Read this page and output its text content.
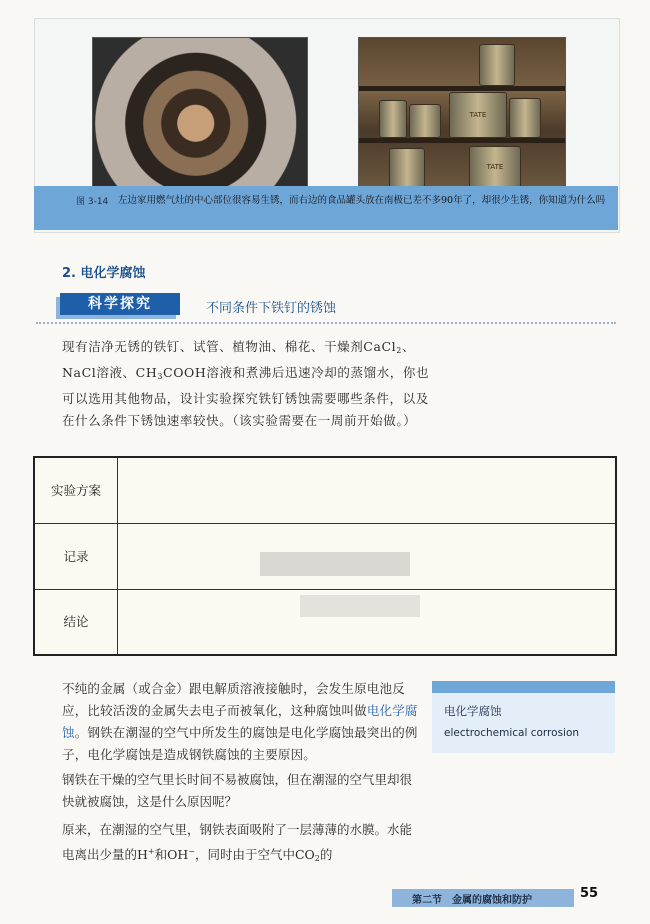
TATE
TATE
图 3-14 左边家用燃气灶的中心部位很容易生锈，而右边的食品罐头放在南极已差不多90年了，却很少生锈，你知道为什么吗
2. 电化学腐蚀
科学探究	不同条件下铁钉的锈蚀
现有洁净无锈的铁钉、试管、植物油、棉花、干燥剂CaCl$_2$、NaCl溶液、$CH_3COOH$溶液和煮沸后迅速冷却的蒸馏水，你也可以选用其他物品，设计实验探究铁钉锈蚀需要哪些条件，以及在什么条件下锈蚀速率较快。（该实验需要在一周前开始做。）
实验方案	
记录	
结论	
不纯的金属（或合金）跟电解质溶液接触时，会发生原电池反应，比较活泼的金属失去电子而被氧化，这种腐蚀叫做电化学腐蚀。钢铁在潮湿的空气中所发生的腐蚀是电化学腐蚀最突出的例子，电化学腐蚀是造成钢铁腐蚀的主要原因。
钢铁在干燥的空气里长时间不易被腐蚀，但在潮湿的空气里却很快就被腐蚀，这是什么原因呢？
原来，在潮湿的空气里，钢铁表面吸附了一层薄薄的水膜。水能电离出少量的H+和OH−，同时由于空气中$CO_2$的
电化学腐蚀
electrochemical corrosion
第二节　金属的腐蚀和防护	55
